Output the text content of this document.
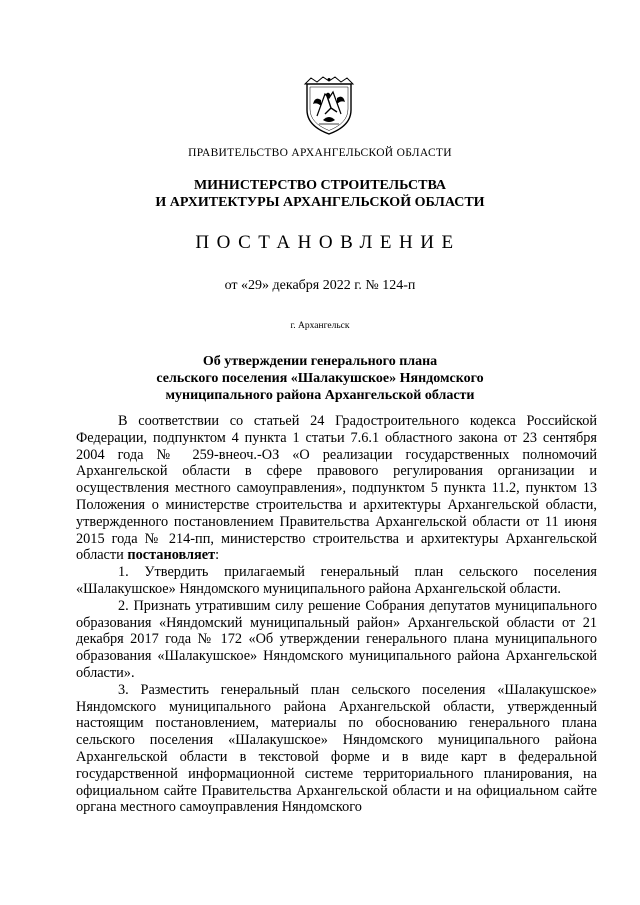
ПРАВИТЕЛЬСТВО АРХАНГЕЛЬСКОЙ ОБЛАСТИ
МИНИСТЕРСТВО СТРОИТЕЛЬСТВА
И АРХИТЕКТУРЫ АРХАНГЕЛЬСКОЙ ОБЛАСТИ
ПОСТАНОВЛЕНИЕ
от «29» декабря 2022 г. № 124-п
г. Архангельск
Об утверждении генерального плана
сельского поселения «Шалакушское» Няндомского
муниципального района Архангельской области

В соответствии со статьей 24 Градостроительного кодекса Российской Федерации, подпунктом 4 пункта 1 статьи 7.6.1 областного закона от 23 сентября 2004 года № 259-внеоч.-ОЗ «О реализации государственных полномочий Архангельской области в сфере правового регулирования организации и осуществления местного самоуправления», подпунктом 5 пункта 11.2, пунктом 13 Положения о министерстве строительства и архитектуры Архангельской области, утвержденного постановлением Правительства Архангельской области от 11 июня 2015 года № 214-пп, министерство строительства и архитектуры Архангельской области постановляет:

1. Утвердить прилагаемый генеральный план сельского поселения «Шалакушское» Няндомского муниципального района Архангельской области.

2. Признать утратившим силу решение Собрания депутатов муниципального образования «Няндомский муниципальный район» Архангельской области от 21 декабря 2017 года № 172 «Об утверждении генерального плана муниципального образования «Шалакушское» Няндомского муниципального района Архангельской области».

3. Разместить генеральный план сельского поселения «Шалакушское» Няндомского муниципального района Архангельской области, утвержденный настоящим постановлением, материалы по обоснованию генерального плана сельского поселения «Шалакушское» Няндомского муниципального района Архангельской области в текстовой форме и в виде карт в федеральной государственной информационной системе территориального планирования, на официальном сайте Правительства Архангельской области и на официальном сайте органа местного самоуправления Няндомского
